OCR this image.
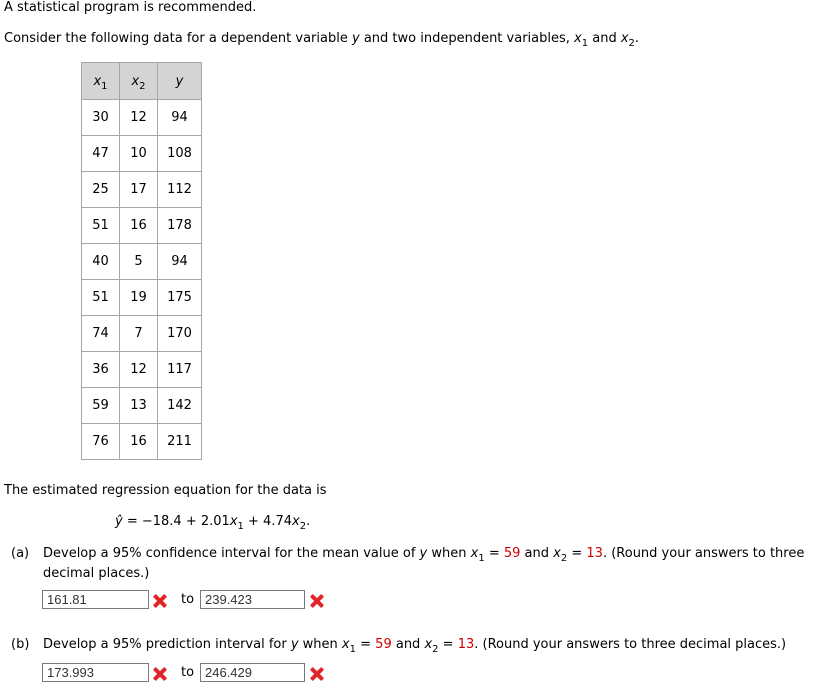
A statistical program is recommended.
Consider the following data for a dependent variable y and two independent variables, $x_1$ and $x_2$.
$x_1$	$x_2$	y
30	12	94
47	10	108
25	17	112
51	16	178
40	5	94
51	19	175
74	7	170
36	12	117
59	13	142
76	16	211
The estimated regression equation for the data is
ŷ = $-18.4 + 2.01x_1 + 4.74x_2$.
(a) Develop a 95% confidence interval for the mean value of y when $x_1 = 59$ and $x_2 = 13$. (Round your answers to three
decimal places.)
161.81	to 239.423
(b) Develop a 95% prediction interval for y when $x_1 = 59$ and $x_2 = 13$. (Round your answers to three decimal places.)
173.993	to 246.429
